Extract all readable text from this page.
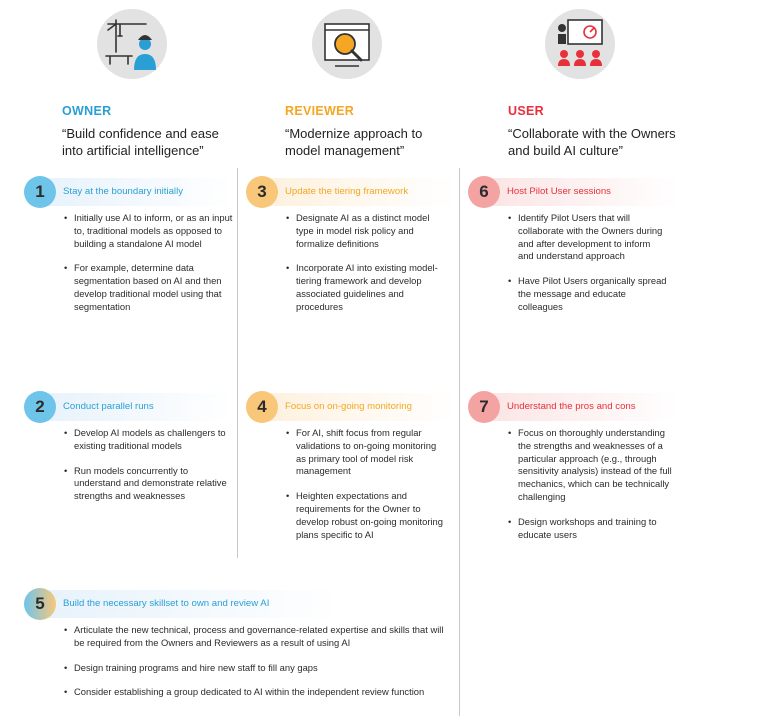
OWNER
“Build confidence and ease into artificial intelligence”
REVIEWER
“Modernize approach to model management”
USER
“Collaborate with the Owners and build AI culture”
1	Stay at the boundary initially
• Initially use AI to inform, or as an input to, traditional models as opposed to building a standalone AI model
• For example, determine data segmentation based on AI and then develop traditional model using that segmentation
2	Conduct parallel runs
• Develop AI models as challengers to existing traditional models
• Run models concurrently to understand and demonstrate relative strengths and weaknesses
3	Update the tiering framework
• Designate AI as a distinct model type in model risk policy and formalize definitions
• Incorporate AI into existing model-tiering framework and develop associated guidelines and procedures
4	Focus on on-going monitoring
• For AI, shift focus from regular validations to on-going monitoring as primary tool of model risk management
• Heighten expectations and requirements for the Owner to develop robust on-going monitoring plans specific to AI
6	Host Pilot User sessions
• Identify Pilot Users that will collaborate with the Owners during and after development to inform and understand approach
• Have Pilot Users organically spread the message and educate colleagues
7	Understand the pros and cons
• Focus on thoroughly understanding the strengths and weaknesses of a particular approach (e.g., through sensitivity analysis) instead of the full mechanics, which can be technically challenging
• Design workshops and training to educate users
5	Build the necessary skillset to own and review AI
• Articulate the new technical, process and governance-related expertise and skills that will be required from the Owners and Reviewers as a result of using AI
• Design training programs and hire new staff to fill any gaps
• Consider establishing a group dedicated to AI within the independent review function
